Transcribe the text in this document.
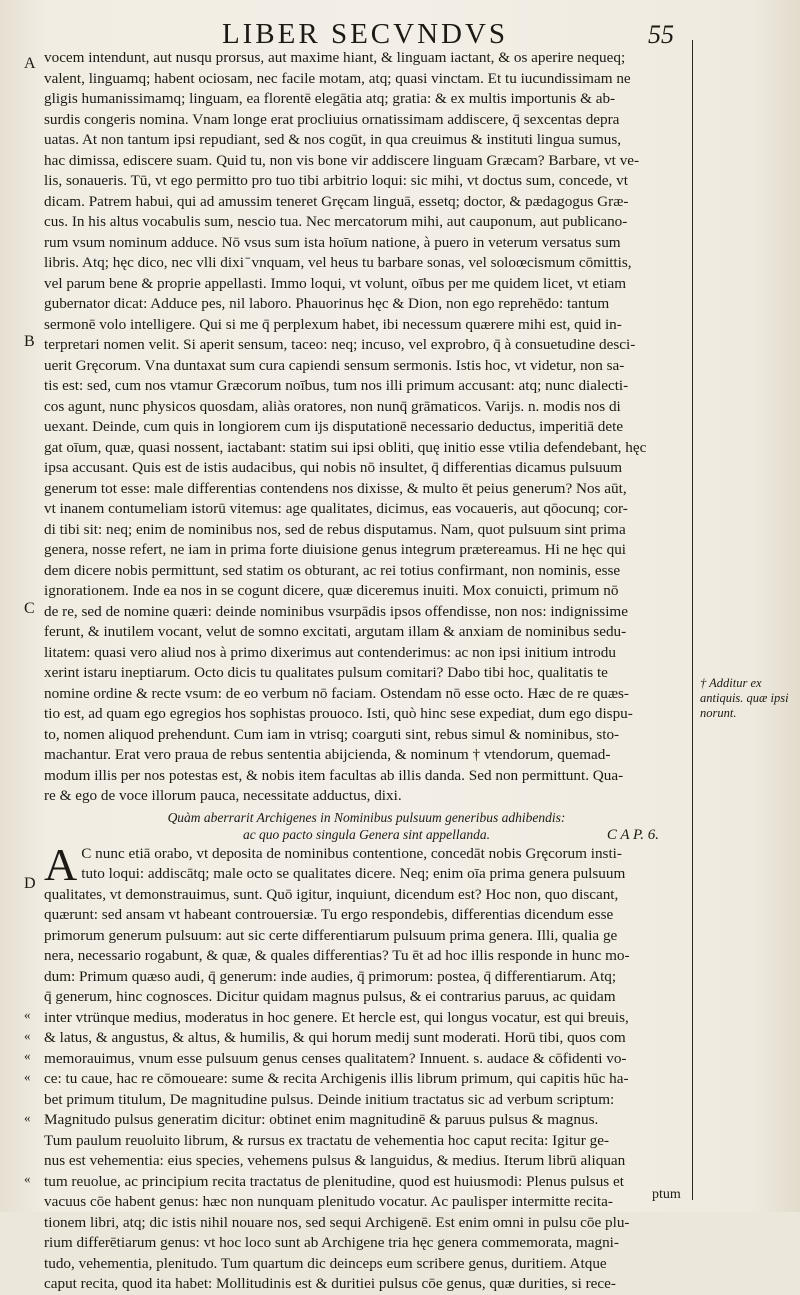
LIBER SECVNDVS	55
A
B
C
D
«
«
«
«
«
«

vocem intendunt, aut nusqu prorsus, aut maxime hiant, & linguam iactant, & os aperire nequeq;
valent, linguamq; habent ociosam, nec facile motam, atq; quasi vinctam. Et tu iucundissimam ne
gligis humanissimamq; linguam, ea florentē elegātia atq; gratia: & ex multis importunis & ab-
surdis congeris nomina. Vnam longe erat procliuius ornatissimam addiscere, q̄ sexcentas depra
uatas. At non tantum ipsi repudiant, sed & nos cogūt, in qua creuimus & instituti lingua sumus,
hac dimissa, ediscere suam. Quid tu, non vis bone vir addiscere linguam Græcam? Barbare, vt ve-
lis, sonaueris. Tū, vt ego permitto pro tuo tibi arbitrio loqui: sic mihi, vt doctus sum, concede, vt
dicam. Patrem habui, qui ad amussim teneret Gręcam linguā, essetq; doctor, & pædagogus Græ-
cus. In his altus vocabulis sum, nescio tua. Nec mercatorum mihi, aut cauponum, aut publicano-
rum vsum nominum adduce. Nō vsus sum ista hoīum natione, à puero in veterum versatus sum
libris. Atq; hęc dico, nec vlli dixi ̄ vnquam, vel heus tu barbare sonas, vel soloœcismum cōmittis,
vel parum bene & proprie appellasti. Immo loqui, vt volunt, oībus per me quidem licet, vt etiam
gubernator dicat: Adduce pes, nil laboro. Phauorinus hęc & Dion, non ego reprehēdo: tantum
sermonē volo intelligere. Qui si me q̄ perplexum habet, ibi necessum quærere mihi est, quid in-
terpretari nomen velit. Si aperit sensum, taceo: neq; incuso, vel exprobro, q̄ à consuetudine desci-
uerit Gręcorum. Vna duntaxat sum cura capiendi sensum sermonis. Istis hoc, vt videtur, non sa-
tis est: sed, cum nos vtamur Græcorum noībus, tum nos illi primum accusant: atq; nunc dialecti-
cos agunt, nunc physicos quosdam, aliàs oratores, non nunq̄ grāmaticos. Varijs. n. modis nos di
uexant. Deinde, cum quis in longiorem cum ijs disputationē necessario deductus, imperitiā dete
gat oīum, quæ, quasi nossent, iactabant: statim sui ipsi obliti, quę initio esse vtilia defendebant, hęc
ipsa accusant. Quis est de istis audacibus, qui nobis nō insultet, q̄ differentias dicamus pulsuum
generum tot esse: male differentias contendens nos dixisse, & multo ēt peius generum? Nos aūt,
vt inanem contumeliam istorū vitemus: age qualitates, dicimus, eas vocaueris, aut qōocunq; cor-
di tibi sit: neq; enim de nominibus nos, sed de rebus disputamus. Nam, quot pulsuum sint prima
genera, nosse refert, ne iam in prima forte diuisione genus integrum prætereamus. Hi ne hęc qui
dem dicere nobis permittunt, sed statim os obturant, ac rei totius confirmant, non nominis, esse
ignorationem. Inde ea nos in se cogunt dicere, quæ diceremus inuiti. Mox conuicti, primum nō
de re, sed de nomine quæri: deinde nominibus vsurpādis ipsos offendisse, non nos: indignissime
ferunt, & inutilem vocant, velut de somno excitati, argutam illam & anxiam de nominibus sedu-
litatem: quasi vero aliud nos à primo dixerimus aut contenderimus: ac non ipsi initium introdu
xerint istaru ineptiarum. Octo dicis tu qualitates pulsum comitari? Dabo tibi hoc, qualitatis te
nomine ordine & recte vsum: de eo verbum nō faciam. Ostendam nō esse octo. Hæc de re quæs-
tio est, ad quam ego egregios hos sophistas prouoco. Isti, quò hinc sese expediat, dum ego dispu-
to, nomen aliquod prehendunt. Cum iam in vtrisq; coarguti sint, rebus simul & nominibus, sto-
machantur. Erat vero praua de rebus sententia abijcienda, & nominum † vtendorum, quemad-
modum illis per nos potestas est, & nobis item facultas ab illis danda. Sed non permittunt. Qua-
re & ego de voce illorum pauca, necessitate adductus, dixi.

Quàm aberrarit Archigenes in Nominibus pulsuum generibus adhibendis:
ac quo pacto singula Genera sint appellanda.	C A P. 6.

A C nunc etiā orabo, vt deposita de nominibus contentione, concedāt nobis Gręcorum insti-
tuto loqui: addiscātq; male octo se qualitates dicere. Neq; enim oīa prima genera pulsuum
qualitates, vt demonstrauimus, sunt. Quō igitur, inquiunt, dicendum est? Hoc non, quo discant,
quærunt: sed ansam vt habeant controuersiæ. Tu ergo respondebis, differentias dicendum esse
primorum generum pulsuum: aut sic certe differentiarum pulsuum prima genera. Illi, qualia ge
nera, necessario rogabunt, & quæ, & quales differentias? Tu ēt ad hoc illis responde in hunc mo-
dum: Primum quæso audi, q̄ generum: inde audies, q̄ primorum: postea, q̄ differentiarum. Atq;
q̄ generum, hinc cognosces. Dicitur quidam magnus pulsus, & ei contrarius paruus, ac quidam
inter vtrünque medius, moderatus in hoc genere. Et hercle est, qui longus vocatur, est qui breuis,
& latus, & angustus, & altus, & humilis, & qui horum medij sunt moderati. Horū tibi, quos com
memorauimus, vnum esse pulsuum genus censes qualitatem? Innuent. s. audace & cōfidenti vo-
ce: tu caue, hac re cōmoueare: sume & recita Archigenis illis librum primum, qui capitis hūc ha-
bet primum titulum, De magnitudine pulsus. Deinde initium tractatus sic ad verbum scriptum:
Magnitudo pulsus generatim dicitur: obtinet enim magnitudinē & paruus pulsus & magnus.
Tum paulum reuoluito librum, & rursus ex tractatu de vehementia hoc caput recita: Igitur ge-
nus est vehementia: eius species, vehemens pulsus & languidus, & medius. Iterum librū aliquan
tum reuolue, ac principium recita tractatus de plenitudine, quod est huiusmodi: Plenus pulsus et
vacuus cōe habent genus: hæc non nunquam plenitudo vocatur. Ac paulisper intermitte recita-
tionem libri, atq; dic istis nihil nouare nos, sed sequi Archigenē. Est enim omni in pulsu cōe plu-
rium differētiarum genus: vt hoc loco sunt ab Archigene tria hęc genera commemorata, magni-
tudo, vehementia, plenitudo. Tum quartum dic deinceps eum scribere genus, duritiem. Atque
caput recita, quod ita habet: Mollitudinis est & duritiei pulsus cōe genus, quæ durities, si rece-

† Additur ex antiquis. quæ ipsi norunt.
ptum
